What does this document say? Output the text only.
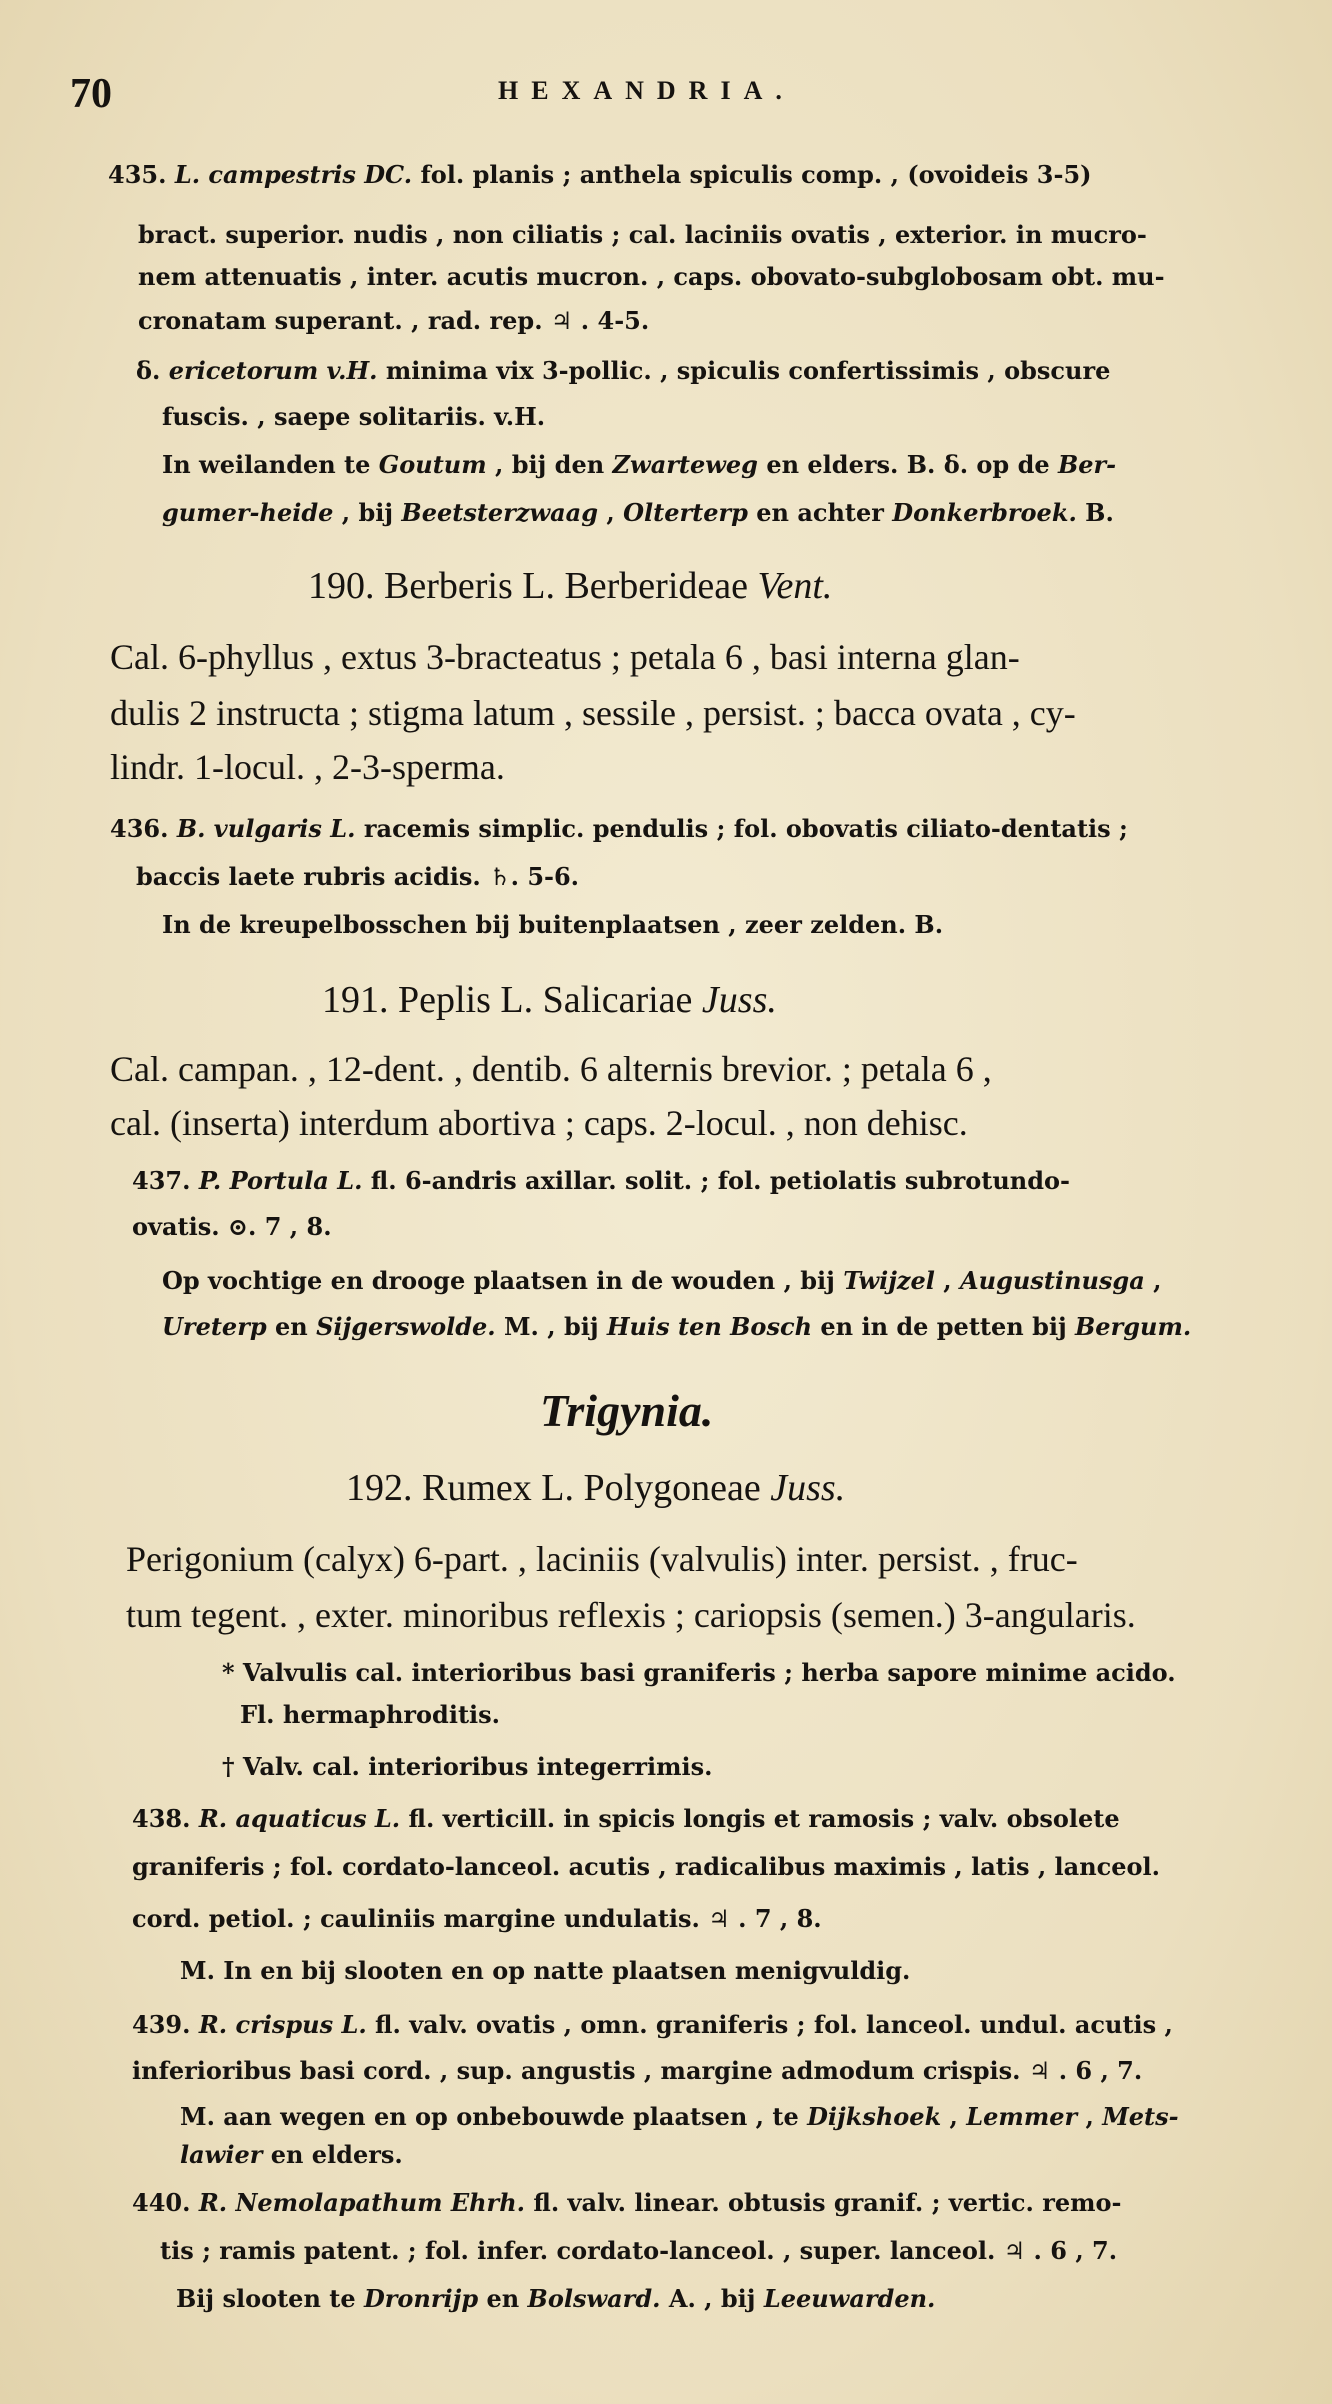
70	HEXANDRIA.
435. L. campestris DC. fol. planis ; anthela spiculis comp. , (ovoideis 3-5)
bract. superior. nudis , non ciliatis ; cal. laciniis ovatis , exterior. in mucro-
nem attenuatis , inter. acutis mucron. , caps. obovato-subglobosam obt. mu-
cronatam superant. , rad. rep. ♃ . 4-5.
δ. ericetorum v.H. minima vix 3-pollic. , spiculis confertissimis , obscure
fuscis. , saepe solitariis. v.H.
In weilanden te Goutum , bij den Zwarteweg en elders. B. δ. op de Ber-
gumer-heide , bij Beetsterzwaag , Olterterp en achter Donkerbroek. B.
190. Berberis L. Berberideae Vent.
Cal. 6-phyllus , extus 3-bracteatus ; petala 6 , basi interna glan-
dulis 2 instructa ; stigma latum , sessile , persist. ; bacca ovata , cy-
lindr. 1-locul. , 2-3-sperma.
436. B. vulgaris L. racemis simplic. pendulis ; fol. obovatis ciliato-dentatis ;
baccis laete rubris acidis. ♄. 5-6.
In de kreupelbosschen bij buitenplaatsen , zeer zelden. B.
191. Peplis L. Salicariae Juss.
Cal. campan. , 12-dent. , dentib. 6 alternis brevior. ; petala 6 ,
cal. (inserta) interdum abortiva ; caps. 2-locul. , non dehisc.
437. P. Portula L. fl. 6-andris axillar. solit. ; fol. petiolatis subrotundo-
ovatis. ⊙. 7 , 8.
Op vochtige en drooge plaatsen in de wouden , bij Twijzel , Augustinusga ,
Ureterp en Sijgerswolde. M. , bij Huis ten Bosch en in de petten bij Bergum.
Trigynia.
192. Rumex L. Polygoneae Juss.
Perigonium (calyx) 6-part. , laciniis (valvulis) inter. persist. , fruc-
tum tegent. , exter. minoribus reflexis ; cariopsis (semen.) 3-angularis.
* Valvulis cal. interioribus basi graniferis ; herba sapore minime acido.
Fl. hermaphroditis.
† Valv. cal. interioribus integerrimis.
438. R. aquaticus L. fl. verticill. in spicis longis et ramosis ; valv. obsolete
graniferis ; fol. cordato-lanceol. acutis , radicalibus maximis , latis , lanceol.
cord. petiol. ; cauliniis margine undulatis. ♃ . 7 , 8.
M. In en bij slooten en op natte plaatsen menigvuldig.
439. R. crispus L. fl. valv. ovatis , omn. graniferis ; fol. lanceol. undul. acutis ,
inferioribus basi cord. , sup. angustis , margine admodum crispis. ♃ . 6 , 7.
M. aan wegen en op onbebouwde plaatsen , te Dijkshoek , Lemmer , Mets-
lawier en elders.
440. R. Nemolapathum Ehrh. fl. valv. linear. obtusis granif. ; vertic. remo-
tis ; ramis patent. ; fol. infer. cordato-lanceol. , super. lanceol. ♃ . 6 , 7.
Bij slooten te Dronrijp en Bolsward. A. , bij Leeuwarden.
